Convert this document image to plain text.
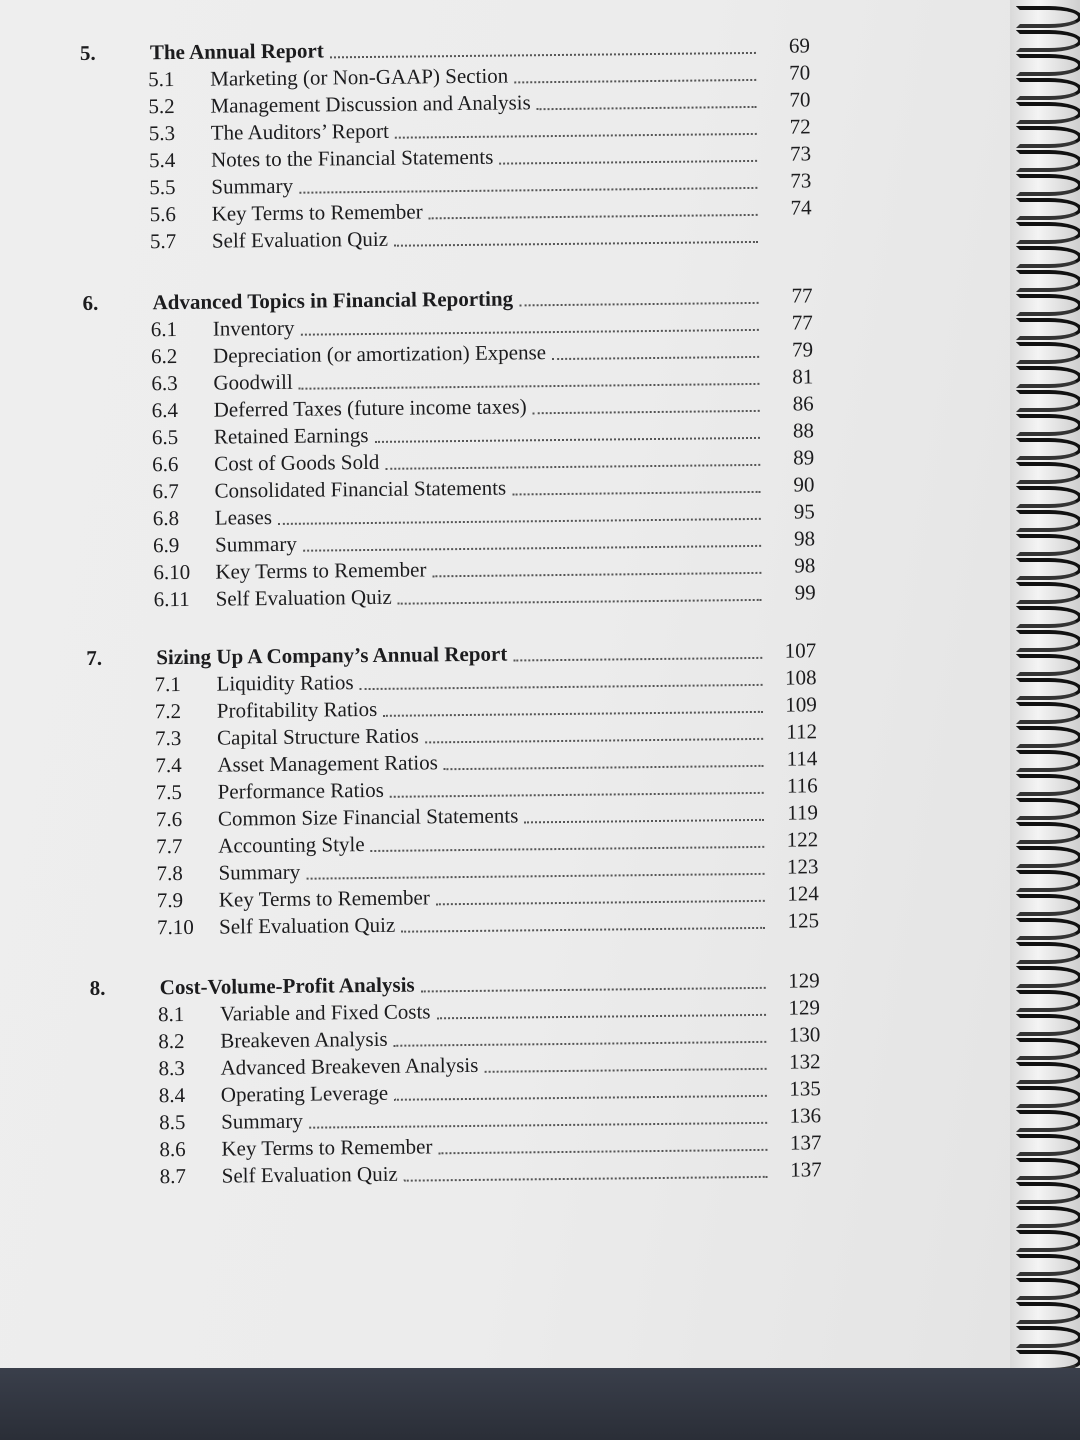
5.	The Annual Report	69
5.1	Marketing (or Non-GAAP) Section	70
5.2	Management Discussion and Analysis	70
5.3	The Auditors’ Report	72
5.4	Notes to the Financial Statements	73
5.5	Summary	73
5.6	Key Terms to Remember	74
5.7	Self Evaluation Quiz
6.	Advanced Topics in Financial Reporting	77
6.1	Inventory	77
6.2	Depreciation (or amortization) Expense	79
6.3	Goodwill	81
6.4	Deferred Taxes (future income taxes)	86
6.5	Retained Earnings	88
6.6	Cost of Goods Sold	89
6.7	Consolidated Financial Statements	90
6.8	Leases	95
6.9	Summary	98
6.10	Key Terms to Remember	98
6.11	Self Evaluation Quiz	99
7.	Sizing Up A Company’s Annual Report	107
7.1	Liquidity Ratios	108
7.2	Profitability Ratios	109
7.3	Capital Structure Ratios	112
7.4	Asset Management Ratios	114
7.5	Performance Ratios	116
7.6	Common Size Financial Statements	119
7.7	Accounting Style	122
7.8	Summary	123
7.9	Key Terms to Remember	124
7.10	Self Evaluation Quiz	125
8.	Cost-Volume-Profit Analysis	129
8.1	Variable and Fixed Costs	129
8.2	Breakeven Analysis	130
8.3	Advanced Breakeven Analysis	132
8.4	Operating Leverage	135
8.5	Summary	136
8.6	Key Terms to Remember	137
8.7	Self Evaluation Quiz	137
